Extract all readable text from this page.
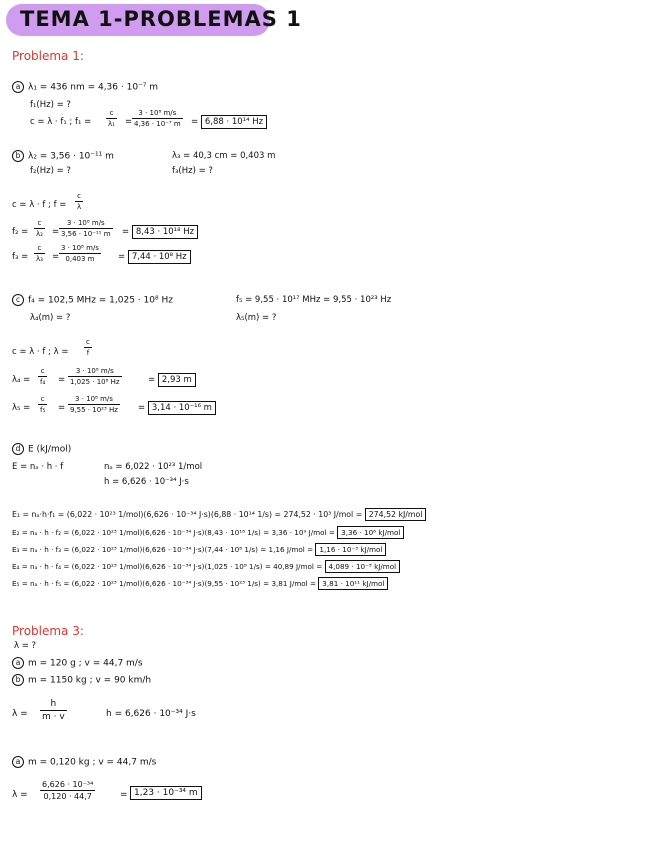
TEMA 1-PROBLEMAS 1
Problema 1:
a λ₁ = 436 nm = 4,36 · 10⁻⁷ m
f₁(Hz) = ?
c = λ · f₁ ; $f_1 = \frac{c}{\text{λ₁}} = \frac{\text{3 · 10⁸ m/s}}{\text{4,36 · 10⁻⁷ m}} = 6,88 \cdot 10^{14}$ Hz
b λ₂ = 3,56 · 10⁻¹¹ m	λ₃ = 40,3 cm = 0,403 m
f₂(Hz) = ?	f₃(Hz) = ?
c = λ · f ; $f = \frac{c}{\lambda}$
$f_2 = \frac{c}{\text{λ₂}} = \frac{\text{3 · 10⁸ m/s}}{\text{3,56 · 10⁻¹¹ m}} = 8,43 \cdot 10^{18}$ Hz
$f_3 = \frac{c}{\text{λ₃}} = \frac{\text{3 · 10⁸ m/s}}{0,403 m} = 7,44 \cdot 10^8$ Hz
c f₄ = 102,5 MHz = 1,025 · 10⁸ Hz	f₅ = 9,55 · 10¹⁷ MHz = 9,55 · 10²³ Hz
λ₄(m) = ?	λ₅(m) = ?
c = λ · f ; $\lambda = \frac{c}{f}$
$\lambda_4 = \frac{c}{\text{f₄}} = \frac{\text{3 · 10⁸ m/s}}{\text{1,025 · 10⁸ Hz}}$	= 2,93 m
$\lambda_5 = \frac{c}{\text{f₅}} = \frac{\text{3 · 10⁸ m/s}}{\text{9,55 · 10²³ Hz}} = 3,14 \cdot 10^{-16}$ m
d E (kJ/mol)
E = nₐ · h · f	nₐ = 6,022 · 10²³ 1/mol
h = 6,626 · 10⁻³⁴ J·s
E₁ = nₐ·h·f₁ = (6,022 · 10²³ 1/mol)(6,626 · 10⁻³⁴ J·s)(6,88 · 10¹⁴ 1/s) = 274,52 · 10³ J/mol = 274,52 kJ/mol
E₂ = nₐ · h · f₂ = (6,022 · 10²³ 1/mol)(6,626 · 10⁻³⁴ J·s)(8,43 · 10¹⁸ 1/s) = 3,36 · 10⁹ J/mol = 3,36 · 10⁶ kJ/mol
E₃ = nₐ · h · f₃ = (6,022 · 10²³ 1/mol)(6,626 · 10⁻³⁴ J·s)(7,44 · 10⁸ 1/s) = 1,16 J/mol = 1,16 · 10⁻³ kJ/mol
E₄ = nₐ · h · f₄ = (6,022 · 10²³ 1/mol)(6,626 · 10⁻³⁴ J·s)(1,025 · 10⁸ 1/s) = 40,89 J/mol = 4,089 · 10⁻³ kJ/mol
E₅ = nₐ · h · f₅ = (6,022 · 10²³ 1/mol)(6,626 · 10⁻³⁴ J·s)(9,55 · 10²³ 1/s) = 3,81 J/mol = 3,81 · 10¹¹ kJ/mol
Problema 3:
λ = ?
a m = 120 g ; v = 44,7 m/s
b m = 1150 kg ; v = 90 km/h
$\lambda = \frac{h}{m \cdot v}$	h = 6,626 · 10⁻³⁴ J·s
a m = 0,120 kg ; v = 44,7 m/s
$\lambda = \frac{\text{6,626 · 10⁻³⁴}}{0,120 \cdot 44,7}$	= 1,23 · 10⁻³⁴ m
